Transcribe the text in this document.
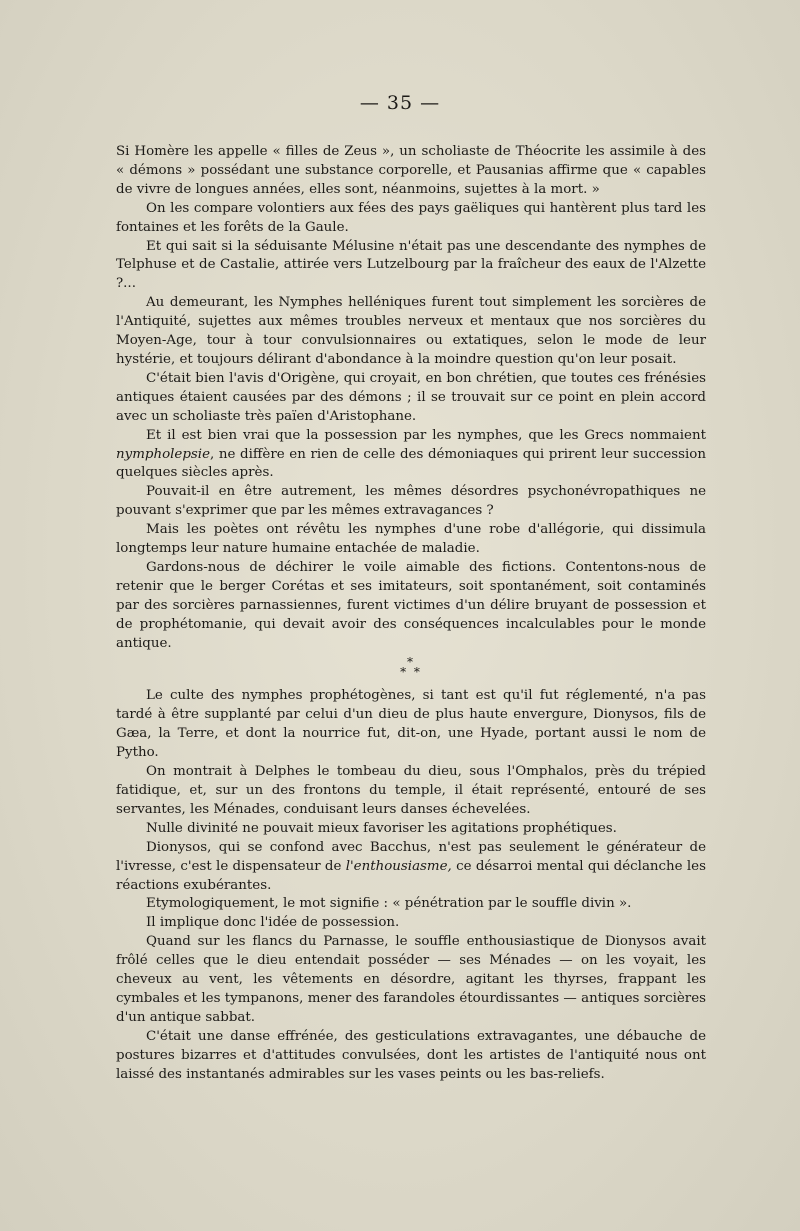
— 35 —

Si Homère les appelle « filles de Zeus », un scholiaste de Théocrite les assimile à des « démons » possédant une substance corporelle, et Pausanias affirme que « capables de vivre de longues années, elles sont, néanmoins, sujettes à la mort. »

On les compare volontiers aux fées des pays gaëliques qui hantèrent plus tard les fontaines et les forêts de la Gaule.

Et qui sait si la séduisante Mélusine n'était pas une descendante des nymphes de Telphuse et de Castalie, attirée vers Lutzelbourg par la fraîcheur des eaux de l'Alzette ?...

Au demeurant, les Nymphes helléniques furent tout simplement les sorcières de l'Antiquité, sujettes aux mêmes troubles nerveux et mentaux que nos sorcières du Moyen-Age, tour à tour convulsionnaires ou extatiques, selon le mode de leur hystérie, et toujours délirant d'abondance à la moindre question qu'on leur posait.

C'était bien l'avis d'Origène, qui croyait, en bon chrétien, que toutes ces frénésies antiques étaient causées par des démons ; il se trouvait sur ce point en plein accord avec un scholiaste très païen d'Aristophane.

Et il est bien vrai que la possession par les nymphes, que les Grecs nommaient nympholepsie, ne diffère en rien de celle des démoniaques qui prirent leur succession quelques siècles après.

Pouvait-il en être autrement, les mêmes désordres psychonévropathiques ne pouvant s'exprimer que par les mêmes extravagances ?

Mais les poètes ont révêtu les nymphes d'une robe d'allégorie, qui dissimula longtemps leur nature humaine entachée de maladie.

Gardons-nous de déchirer le voile aimable des fictions. Contentons-nous de retenir que le berger Corétas et ses imitateurs, soit spontanément, soit contaminés par des sorcières parnassiennes, furent victimes d'un délire bruyant de possession et de prophétomanie, qui devait avoir des conséquences incalculables pour le monde antique.

*
* *

Le culte des nymphes prophétogènes, si tant est qu'il fut réglementé, n'a pas tardé à être supplanté par celui d'un dieu de plus haute envergure, Dionysos, fils de Gæa, la Terre, et dont la nourrice fut, dit-on, une Hyade, portant aussi le nom de Pytho.

On montrait à Delphes le tombeau du dieu, sous l'Omphalos, près du trépied fatidique, et, sur un des frontons du temple, il était représenté, entouré de ses servantes, les Ménades, conduisant leurs danses échevelées.

Nulle divinité ne pouvait mieux favoriser les agitations prophétiques.

Dionysos, qui se confond avec Bacchus, n'est pas seulement le générateur de l'ivresse, c'est le dispensateur de l'enthousiasme, ce désarroi mental qui déclanche les réactions exubérantes.

Etymologiquement, le mot signifie : « pénétration par le souffle divin ».

Il implique donc l'idée de possession.

Quand sur les flancs du Parnasse, le souffle enthousiastique de Dionysos avait frôlé celles que le dieu entendait posséder — ses Ménades — on les voyait, les cheveux au vent, les vêtements en désordre, agitant les thyrses, frappant les cymbales et les tympanons, mener des farandoles étourdissantes — antiques sorcières d'un antique sabbat.

C'était une danse effrénée, des gesticulations extravagantes, une débauche de postures bizarres et d'attitudes convulsées, dont les artistes de l'antiquité nous ont laissé des instantanés admirables sur les vases peints ou les bas-reliefs.
